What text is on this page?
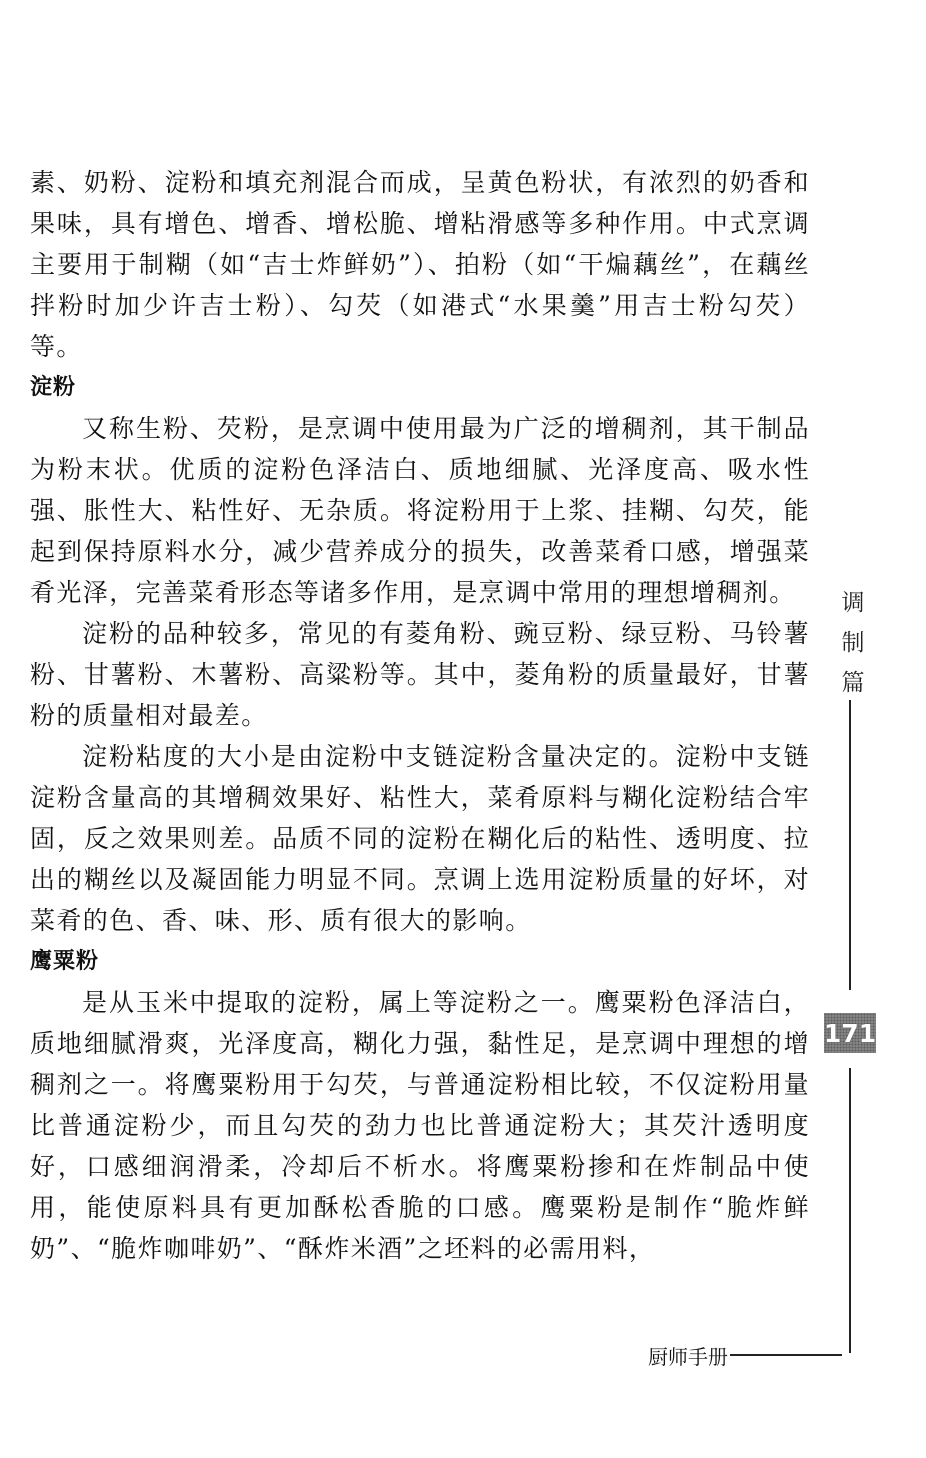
素、奶粉、淀粉和填充剂混合而成，呈黄色粉状，有浓烈的奶香和果味，具有增色、增香、增松脆、增粘滑感等多种作用。中式烹调主要用于制糊（如“吉士炸鲜奶”）、拍粉（如“干煸藕丝”，在藕丝拌粉时加少许吉士粉）、勾芡（如港式“水果羹”用吉士粉勾芡）等。

淀粉

又称生粉、芡粉，是烹调中使用最为广泛的增稠剂，其干制品为粉末状。优质的淀粉色泽洁白、质地细腻、光泽度高、吸水性强、胀性大、粘性好、无杂质。将淀粉用于上浆、挂糊、勾芡，能起到保持原料水分，减少营养成分的损失，改善菜肴口感，增强菜肴光泽，完善菜肴形态等诸多作用，是烹调中常用的理想增稠剂。

淀粉的品种较多，常见的有菱角粉、豌豆粉、绿豆粉、马铃薯粉、甘薯粉、木薯粉、高粱粉等。其中，菱角粉的质量最好，甘薯粉的质量相对最差。

淀粉粘度的大小是由淀粉中支链淀粉含量决定的。淀粉中支链淀粉含量高的其增稠效果好、粘性大，菜肴原料与糊化淀粉结合牢固，反之效果则差。品质不同的淀粉在糊化后的粘性、透明度、拉出的糊丝以及凝固能力明显不同。烹调上选用淀粉质量的好坏，对菜肴的色、香、味、形、质有很大的影响。

鹰粟粉

是从玉米中提取的淀粉，属上等淀粉之一。鹰粟粉色泽洁白，质地细腻滑爽，光泽度高，糊化力强，黏性足，是烹调中理想的增稠剂之一。将鹰粟粉用于勾芡，与普通淀粉相比较，不仅淀粉用量比普通淀粉少，而且勾芡的劲力也比普通淀粉大；其芡汁透明度好，口感细润滑柔，冷却后不析水。将鹰粟粉掺和在炸制品中使用，能使原料具有更加酥松香脆的口感。鹰粟粉是制作“脆炸鲜奶”、“脆炸咖啡奶”、“酥炸米酒”之坯料的必需用料，

调
制
篇
171
厨师手册
